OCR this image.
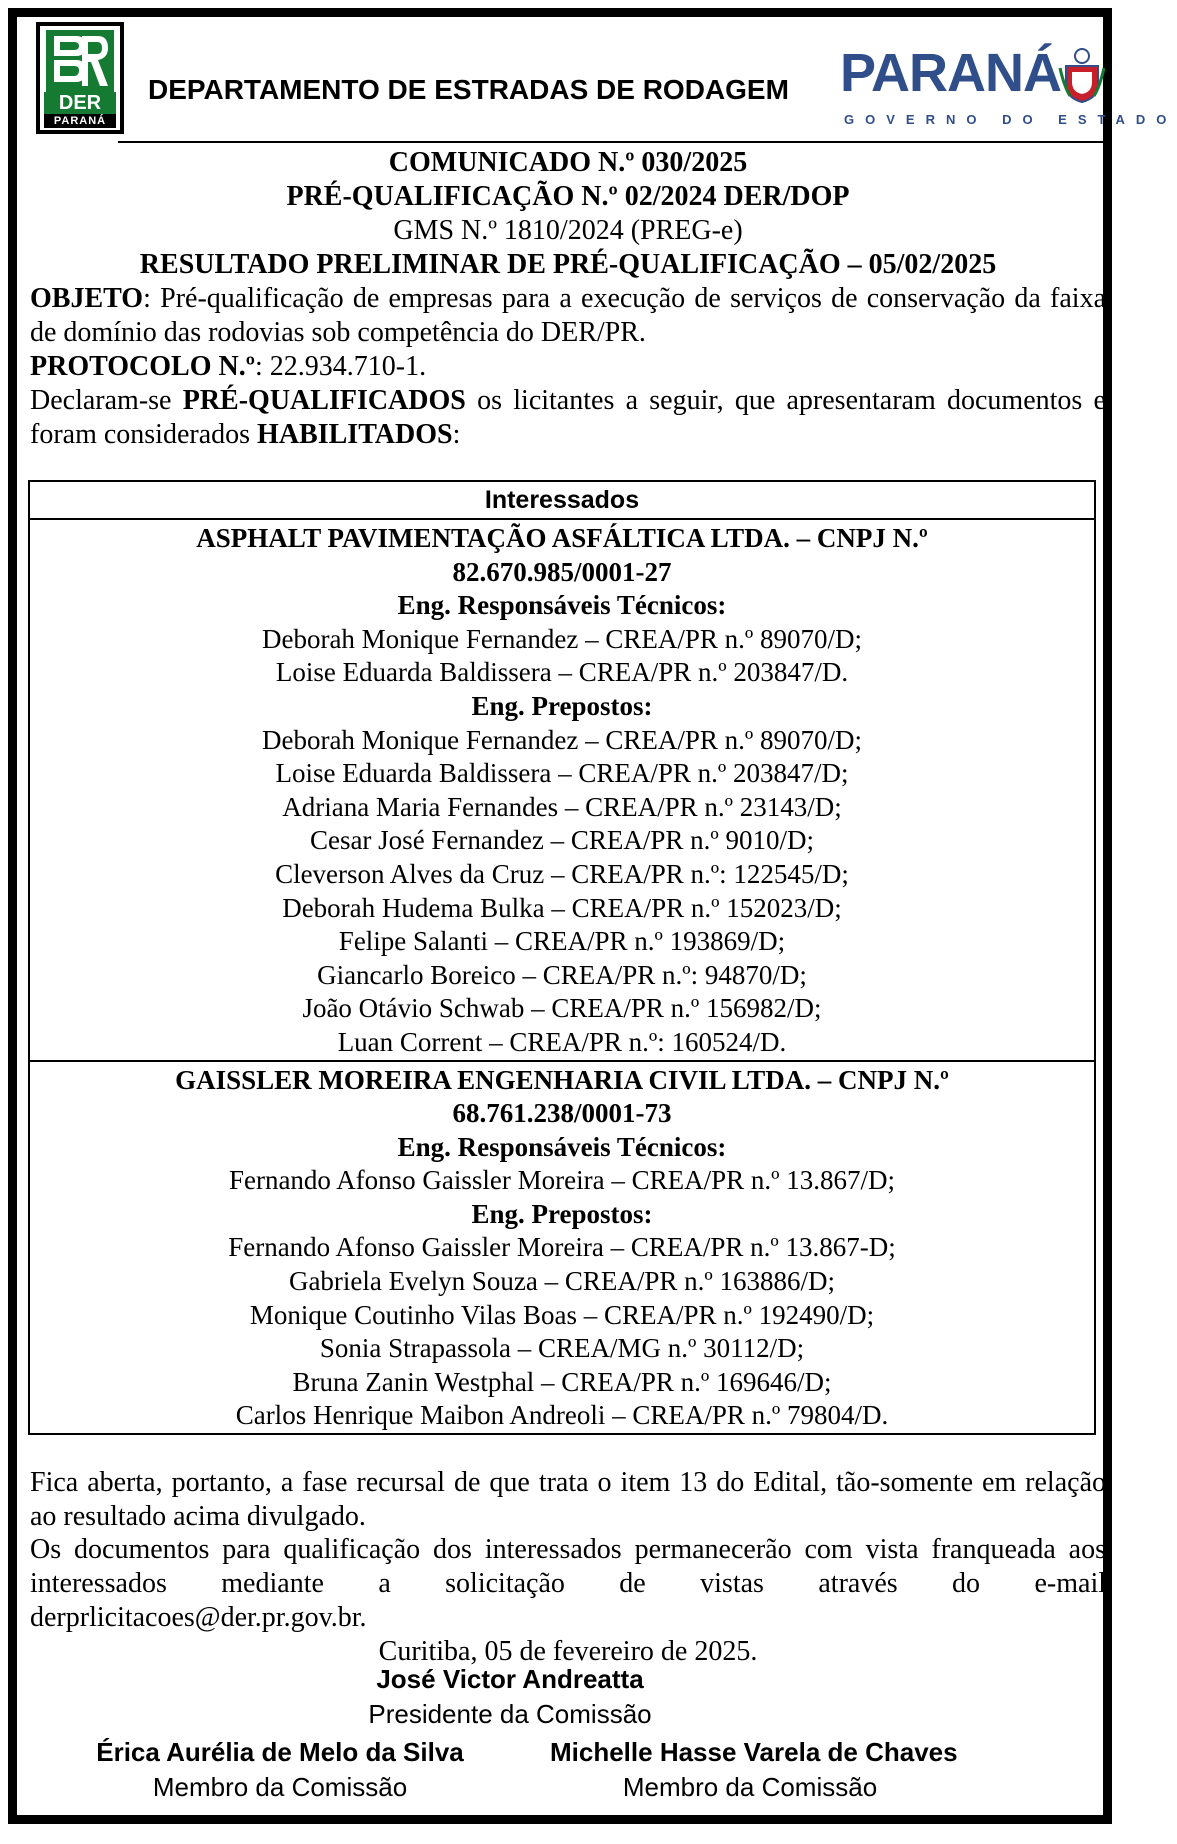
DER
PARANÁ
DEPARTAMENTO DE ESTRADAS DE RODAGEM PARANÁ
GOVERNO DO ESTADO
COMUNICADO N.º 030/2025
PRÉ-QUALIFICAÇÃO N.º 02/2024 DER/DOP
GMS N.º 1810/2024 (PREG-e)
RESULTADO PRELIMINAR DE PRÉ-QUALIFICAÇÃO – 05/02/2025
OBJETO: Pré-qualificação de empresas para a execução de serviços de conservação da faixa de domínio das rodovias sob competência do DER/PR.
PROTOCOLO N.º: 22.934.710-1.
Declaram-se PRÉ-QUALIFICADOS os licitantes a seguir, que apresentaram documentos e foram considerados HABILITADOS:
Interessados
ASPHALT PAVIMENTAÇÃO ASFÁLTICA LTDA. – CNPJ N.º
82.670.985/0001-27
Eng. Responsáveis Técnicos:
Deborah Monique Fernandez – CREA/PR n.º 89070/D;
Loise Eduarda Baldissera – CREA/PR n.º 203847/D.
Eng. Prepostos:
Deborah Monique Fernandez – CREA/PR n.º 89070/D;
Loise Eduarda Baldissera – CREA/PR n.º 203847/D;
Adriana Maria Fernandes – CREA/PR n.º 23143/D;
Cesar José Fernandez – CREA/PR n.º 9010/D;
Cleverson Alves da Cruz – CREA/PR n.º: 122545/D;
Deborah Hudema Bulka – CREA/PR n.º 152023/D;
Felipe Salanti – CREA/PR n.º 193869/D;
Giancarlo Boreico – CREA/PR n.º: 94870/D;
João Otávio Schwab – CREA/PR n.º 156982/D;
Luan Corrent – CREA/PR n.º: 160524/D.
GAISSLER MOREIRA ENGENHARIA CIVIL LTDA. – CNPJ N.º
68.761.238/0001-73
Eng. Responsáveis Técnicos:
Fernando Afonso Gaissler Moreira – CREA/PR n.º 13.867/D;
Eng. Prepostos:
Fernando Afonso Gaissler Moreira – CREA/PR n.º 13.867-D;
Gabriela Evelyn Souza – CREA/PR n.º 163886/D;
Monique Coutinho Vilas Boas – CREA/PR n.º 192490/D;
Sonia Strapassola – CREA/MG n.º 30112/D;
Bruna Zanin Westphal – CREA/PR n.º 169646/D;
Carlos Henrique Maibon Andreoli – CREA/PR n.º 79804/D.
Fica aberta, portanto, a fase recursal de que trata o item 13 do Edital, tão-somente em relação ao resultado acima divulgado.
Os documentos para qualificação dos interessados permanecerão com vista franqueada aos
interessados mediante a solicitação de vistas através do e-mail
derprlicitacoes@der.pr.gov.br.
Curitiba, 05 de fevereiro de 2025.
José Victor Andreatta
Presidente da Comissão
Érica Aurélia de Melo da Silva
Membro da Comissão
Michelle Hasse Varela de Chaves
Membro da Comissão
